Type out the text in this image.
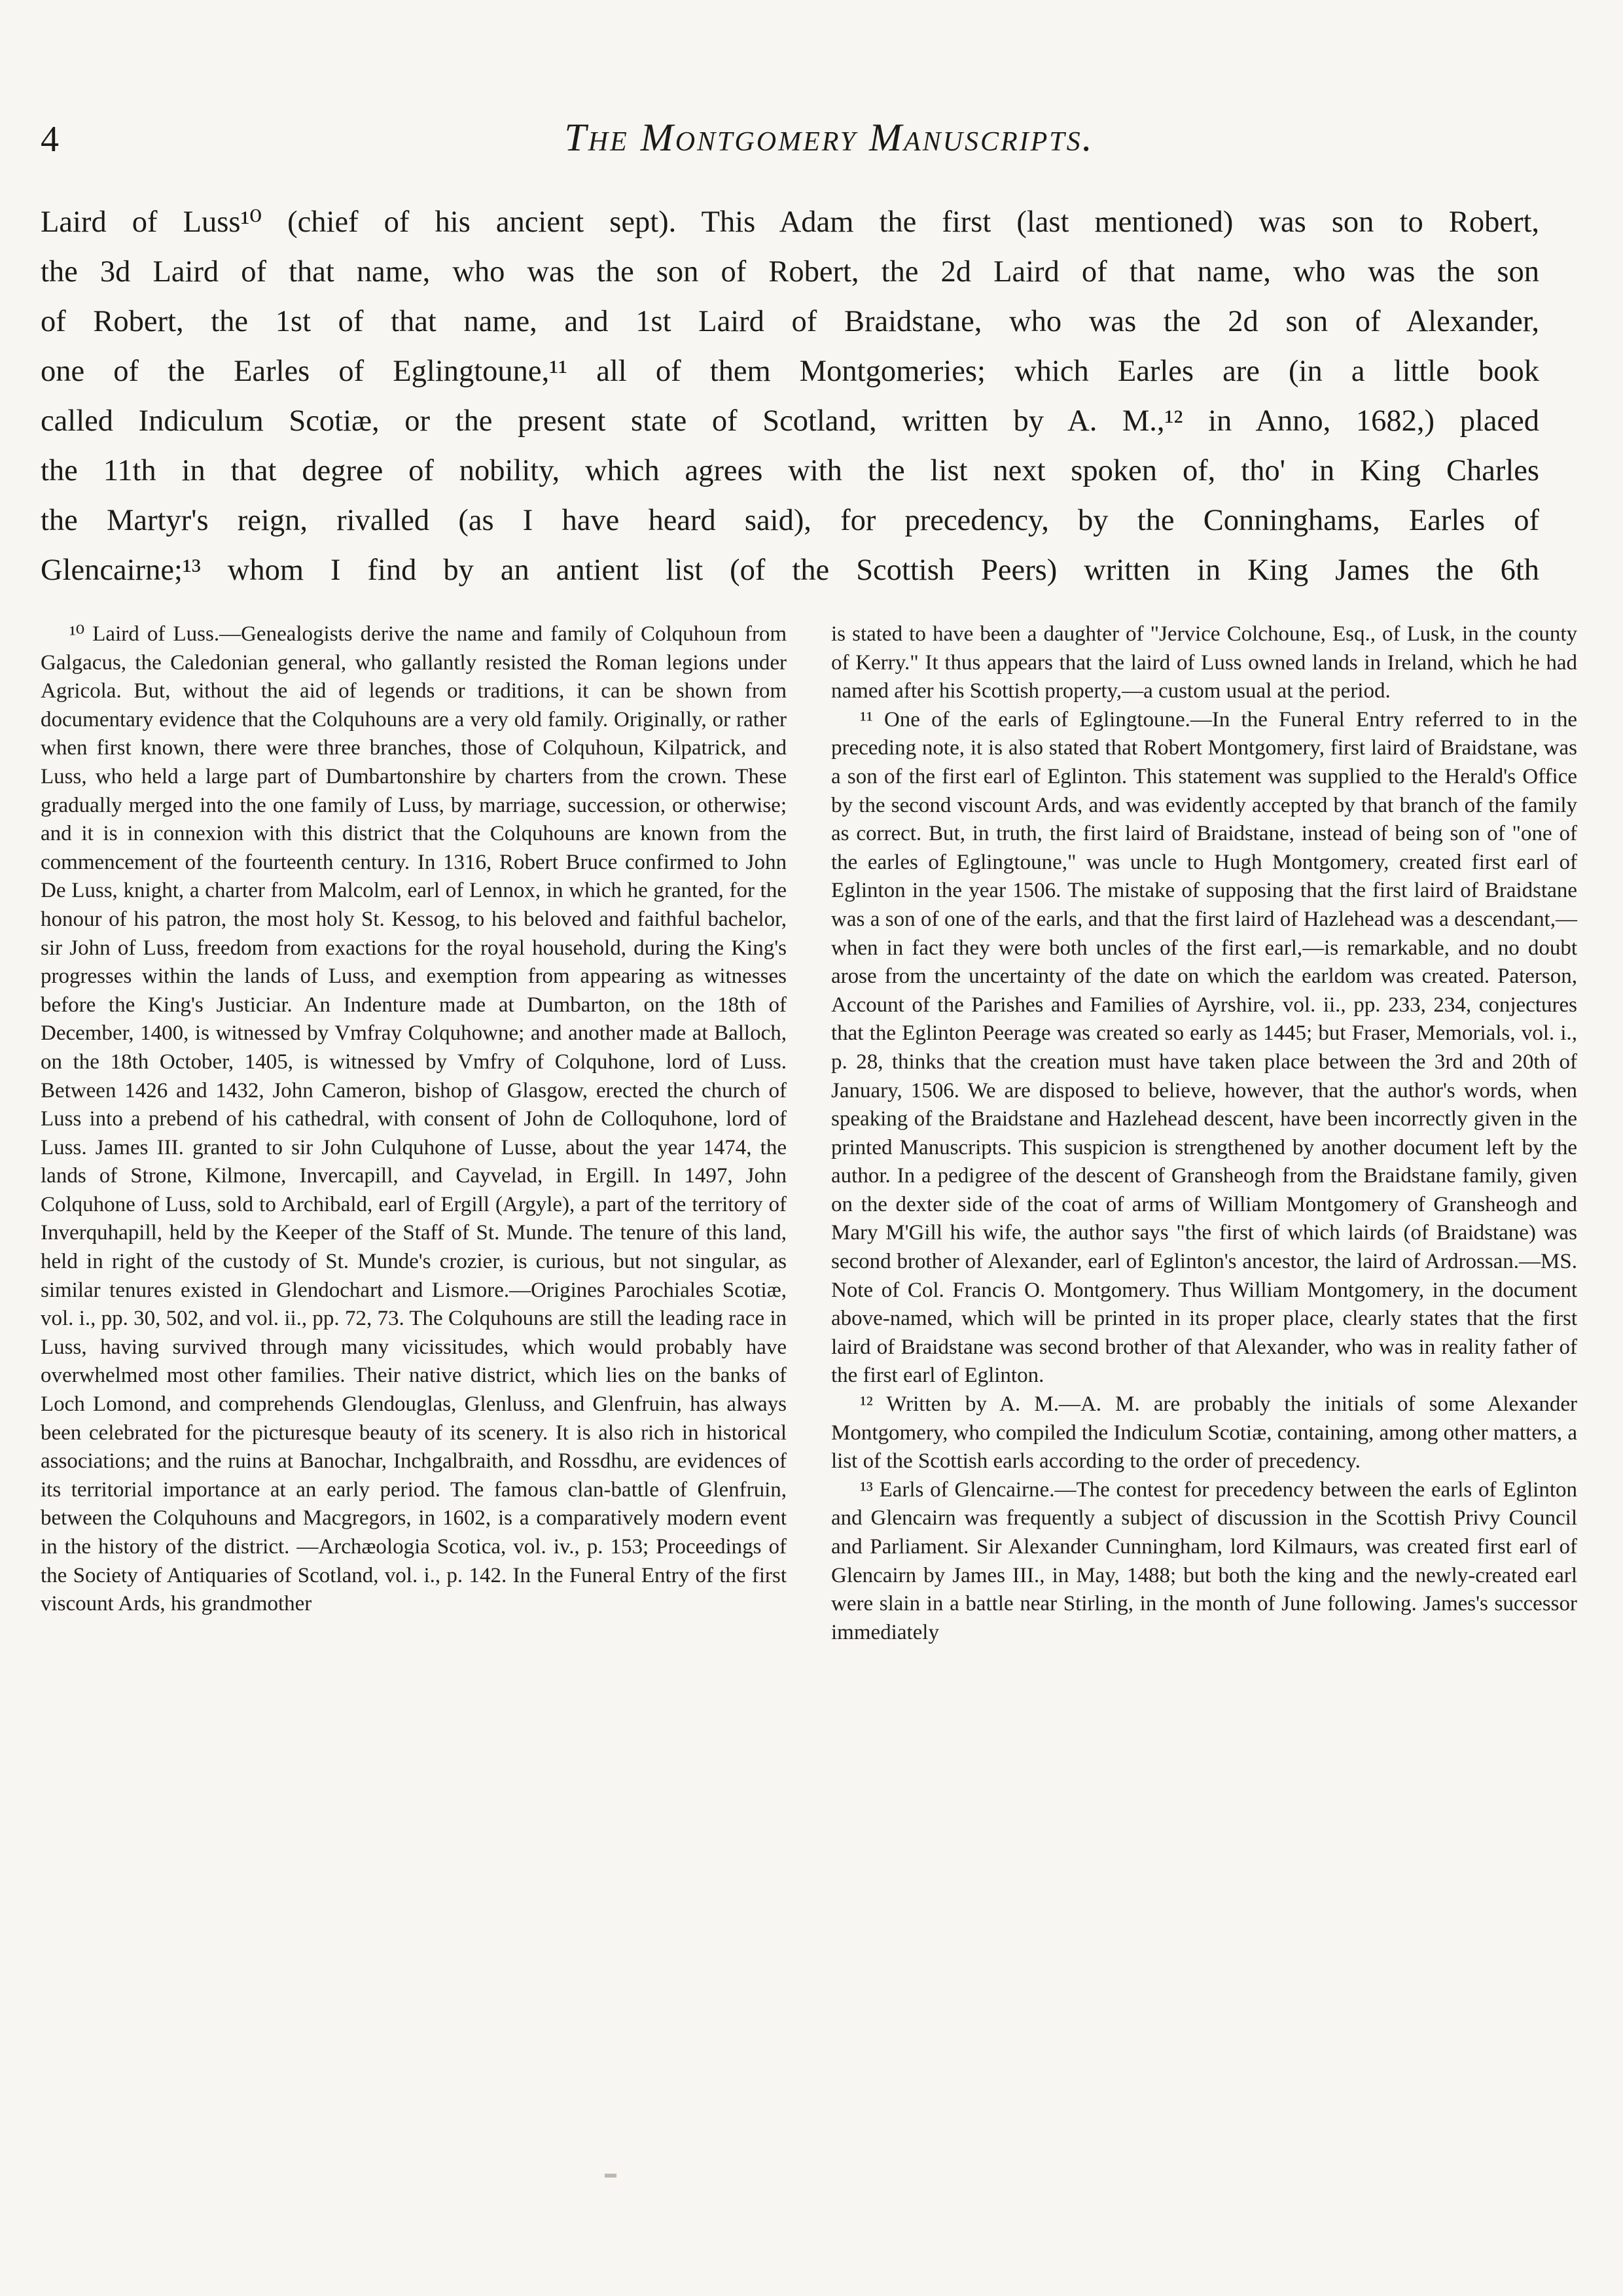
4	The Montgomery Manuscripts.
Laird of Luss¹⁰ (chief of his ancient sept). This Adam the first (last mentioned) was son to Robert,
the 3d Laird of that name, who was the son of Robert, the 2d Laird of that name, who was the son
of Robert, the 1st of that name, and 1st Laird of Braidstane, who was the 2d son of Alexander,
one of the Earles of Eglingtoune,¹¹ all of them Montgomeries; which Earles are (in a little book
called Indiculum Scotiæ, or the present state of Scotland, written by A. M.,¹² in Anno, 1682,) placed
the 11th in that degree of nobility, which agrees with the list next spoken of, tho' in King Charles
the Martyr's reign, rivalled (as I have heard said), for precedency, by the Conninghams, Earles of
Glencairne;¹³ whom I find by an antient list (of the Scottish Peers) written in King James the 6th

¹⁰ Laird of Luss.—Genealogists derive the name and family of Colquhoun from Galgacus, the Caledonian general, who gallantly resisted the Roman legions under Agricola. But, without the aid of legends or traditions, it can be shown from documentary evidence that the Colquhouns are a very old family. Originally, or rather when first known, there were three branches, those of Colquhoun, Kilpatrick, and Luss, who held a large part of Dumbartonshire by charters from the crown. These gradually merged into the one family of Luss, by marriage, succession, or otherwise; and it is in connexion with this district that the Colquhouns are known from the commencement of the fourteenth century. In 1316, Robert Bruce confirmed to John De Luss, knight, a charter from Malcolm, earl of Lennox, in which he granted, for the honour of his patron, the most holy St. Kessog, to his beloved and faithful bachelor, sir John of Luss, freedom from exactions for the royal household, during the King's progresses within the lands of Luss, and exemption from appearing as witnesses before the King's Justiciar. An Indenture made at Dumbarton, on the 18th of December, 1400, is witnessed by Vmfray Colquhowne; and another made at Balloch, on the 18th October, 1405, is witnessed by Vmfry of Colquhone, lord of Luss. Between 1426 and 1432, John Cameron, bishop of Glasgow, erected the church of Luss into a prebend of his cathedral, with consent of John de Colloquhone, lord of Luss. James III. granted to sir John Culquhone of Lusse, about the year 1474, the lands of Strone, Kilmone, Invercapill, and Cayvelad, in Ergill. In 1497, John Colquhone of Luss, sold to Archibald, earl of Ergill (Argyle), a part of the territory of Inverquhapill, held by the Keeper of the Staff of St. Munde. The tenure of this land, held in right of the custody of St. Munde's crozier, is curious, but not singular, as similar tenures existed in Glendochart and Lismore.—Origines Parochiales Scotiæ, vol. i., pp. 30, 502, and vol. ii., pp. 72, 73. The Colquhouns are still the leading race in Luss, having survived through many vicissitudes, which would probably have overwhelmed most other families. Their native district, which lies on the banks of Loch Lomond, and comprehends Glendouglas, Glenluss, and Glenfruin, has always been celebrated for the picturesque beauty of its scenery. It is also rich in historical associations; and the ruins at Banochar, Inchgalbraith, and Rossdhu, are evidences of its territorial importance at an early period. The famous clan-battle of Glenfruin, between the Colquhouns and Macgregors, in 1602, is a comparatively modern event in the history of the district. —Archæologia Scotica, vol. iv., p. 153; Proceedings of the Society of Antiquaries of Scotland, vol. i., p. 142. In the Funeral Entry of the first viscount Ards, his grandmother

is stated to have been a daughter of "Jervice Colchoune, Esq., of Lusk, in the county of Kerry." It thus appears that the laird of Luss owned lands in Ireland, which he had named after his Scottish property,—a custom usual at the period.

¹¹ One of the earls of Eglingtoune.—In the Funeral Entry referred to in the preceding note, it is also stated that Robert Montgomery, first laird of Braidstane, was a son of the first earl of Eglinton. This statement was supplied to the Herald's Office by the second viscount Ards, and was evidently accepted by that branch of the family as correct. But, in truth, the first laird of Braidstane, instead of being son of "one of the earles of Eglingtoune," was uncle to Hugh Montgomery, created first earl of Eglinton in the year 1506. The mistake of supposing that the first laird of Braidstane was a son of one of the earls, and that the first laird of Hazlehead was a descendant,—when in fact they were both uncles of the first earl,—is remarkable, and no doubt arose from the uncertainty of the date on which the earldom was created. Paterson, Account of the Parishes and Families of Ayrshire, vol. ii., pp. 233, 234, conjectures that the Eglinton Peerage was created so early as 1445; but Fraser, Memorials, vol. i., p. 28, thinks that the creation must have taken place between the 3rd and 20th of January, 1506. We are disposed to believe, however, that the author's words, when speaking of the Braidstane and Hazlehead descent, have been incorrectly given in the printed Manuscripts. This suspicion is strengthened by another document left by the author. In a pedigree of the descent of Gransheogh from the Braidstane family, given on the dexter side of the coat of arms of William Montgomery of Gransheogh and Mary M'Gill his wife, the author says "the first of which lairds (of Braidstane) was second brother of Alexander, earl of Eglinton's ancestor, the laird of Ardrossan.—MS. Note of Col. Francis O. Montgomery. Thus William Montgomery, in the document above-named, which will be printed in its proper place, clearly states that the first laird of Braidstane was second brother of that Alexander, who was in reality father of the first earl of Eglinton.

¹² Written by A. M.—A. M. are probably the initials of some Alexander Montgomery, who compiled the Indiculum Scotiæ, containing, among other matters, a list of the Scottish earls according to the order of precedency.

¹³ Earls of Glencairne.—The contest for precedency between the earls of Eglinton and Glencairn was frequently a subject of discussion in the Scottish Privy Council and Parliament. Sir Alexander Cunningham, lord Kilmaurs, was created first earl of Glencairn by James III., in May, 1488; but both the king and the newly-created earl were slain in a battle near Stirling, in the month of June following. James's successor immediately
